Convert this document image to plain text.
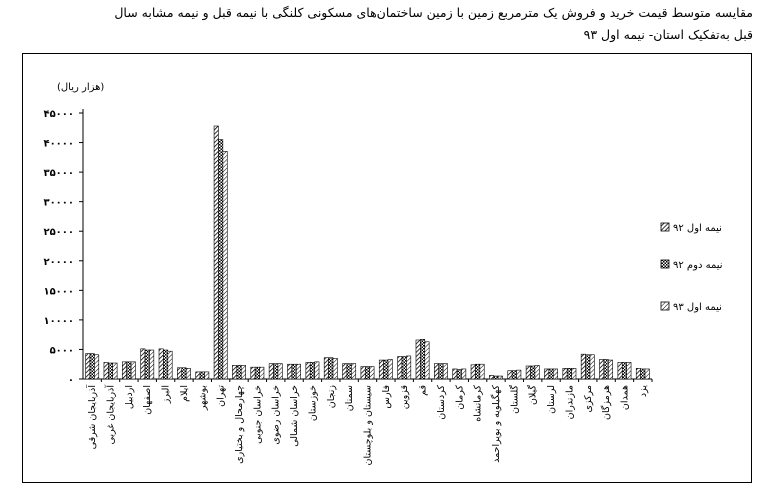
مقایسه متوسط قیمت خرید و فروش یک مترمربع زمین با زمین ساختمان‌های مسکونی کلنگی با نیمه قبل و نیمه مشابه سال
قبل به‌تفکیک استان- نیمه اول ۹۳
(هزار ریال)
۰
۵۰۰۰
۱۰۰۰۰
۱۵۰۰۰
۲۰۰۰۰
۲۵۰۰۰
۳۰۰۰۰
۳۵۰۰۰
۴۰۰۰۰
۴۵۰۰۰
آذربایجان شرقی آذربایجان غربی اردبیل اصفهان البرز ایلام بوشهر تهران چهارمحال و بختیاری خراسان جنوبی خراسان رضوی خراسان شمالی خوزستان زنجان سمنان سیستان و بلوچستان فارس قزوین قم کردستان کرمان کرمانشاه کهگیلویه و بویراحمد گلستان گیلان لرستان مازندران مرکزی هرمزگان همدان یزد
نیمه اول ۹۲
نیمه دوم ۹۲
نیمه اول ۹۳
